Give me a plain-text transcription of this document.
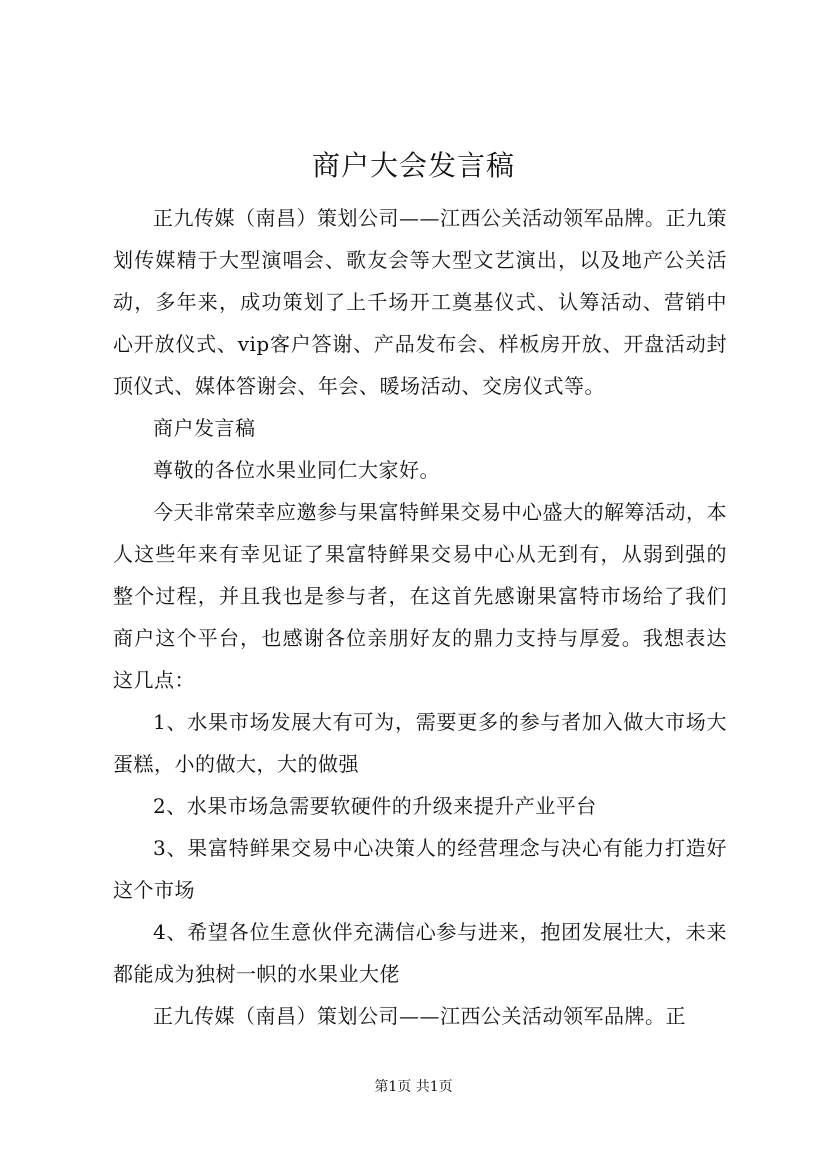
商户大会发言稿

正九传媒（南昌）策划公司——江西公关活动领军品牌。正九策划传媒精于大型演唱会、歌友会等大型文艺演出，以及地产公关活动，多年来，成功策划了上千场开工奠基仪式、认筹活动、营销中心开放仪式、vip客户答谢、产品发布会、样板房开放、开盘活动封顶仪式、媒体答谢会、年会、暖场活动、交房仪式等。

商户发言稿

尊敬的各位水果业同仁大家好。

今天非常荣幸应邀参与果富特鲜果交易中心盛大的解筹活动，本人这些年来有幸见证了果富特鲜果交易中心从无到有，从弱到强的整个过程，并且我也是参与者，在这首先感谢果富特市场给了我们商户这个平台，也感谢各位亲朋好友的鼎力支持与厚爱。我想表达这几点：

1、水果市场发展大有可为，需要更多的参与者加入做大市场大蛋糕，小的做大，大的做强

2、水果市场急需要软硬件的升级来提升产业平台

3、果富特鲜果交易中心决策人的经营理念与决心有能力打造好这个市场

4、希望各位生意伙伴充满信心参与进来，抱团发展壮大，未来都能成为独树一帜的水果业大佬

正九传媒（南昌）策划公司——江西公关活动领军品牌。正

第1页 共1页
